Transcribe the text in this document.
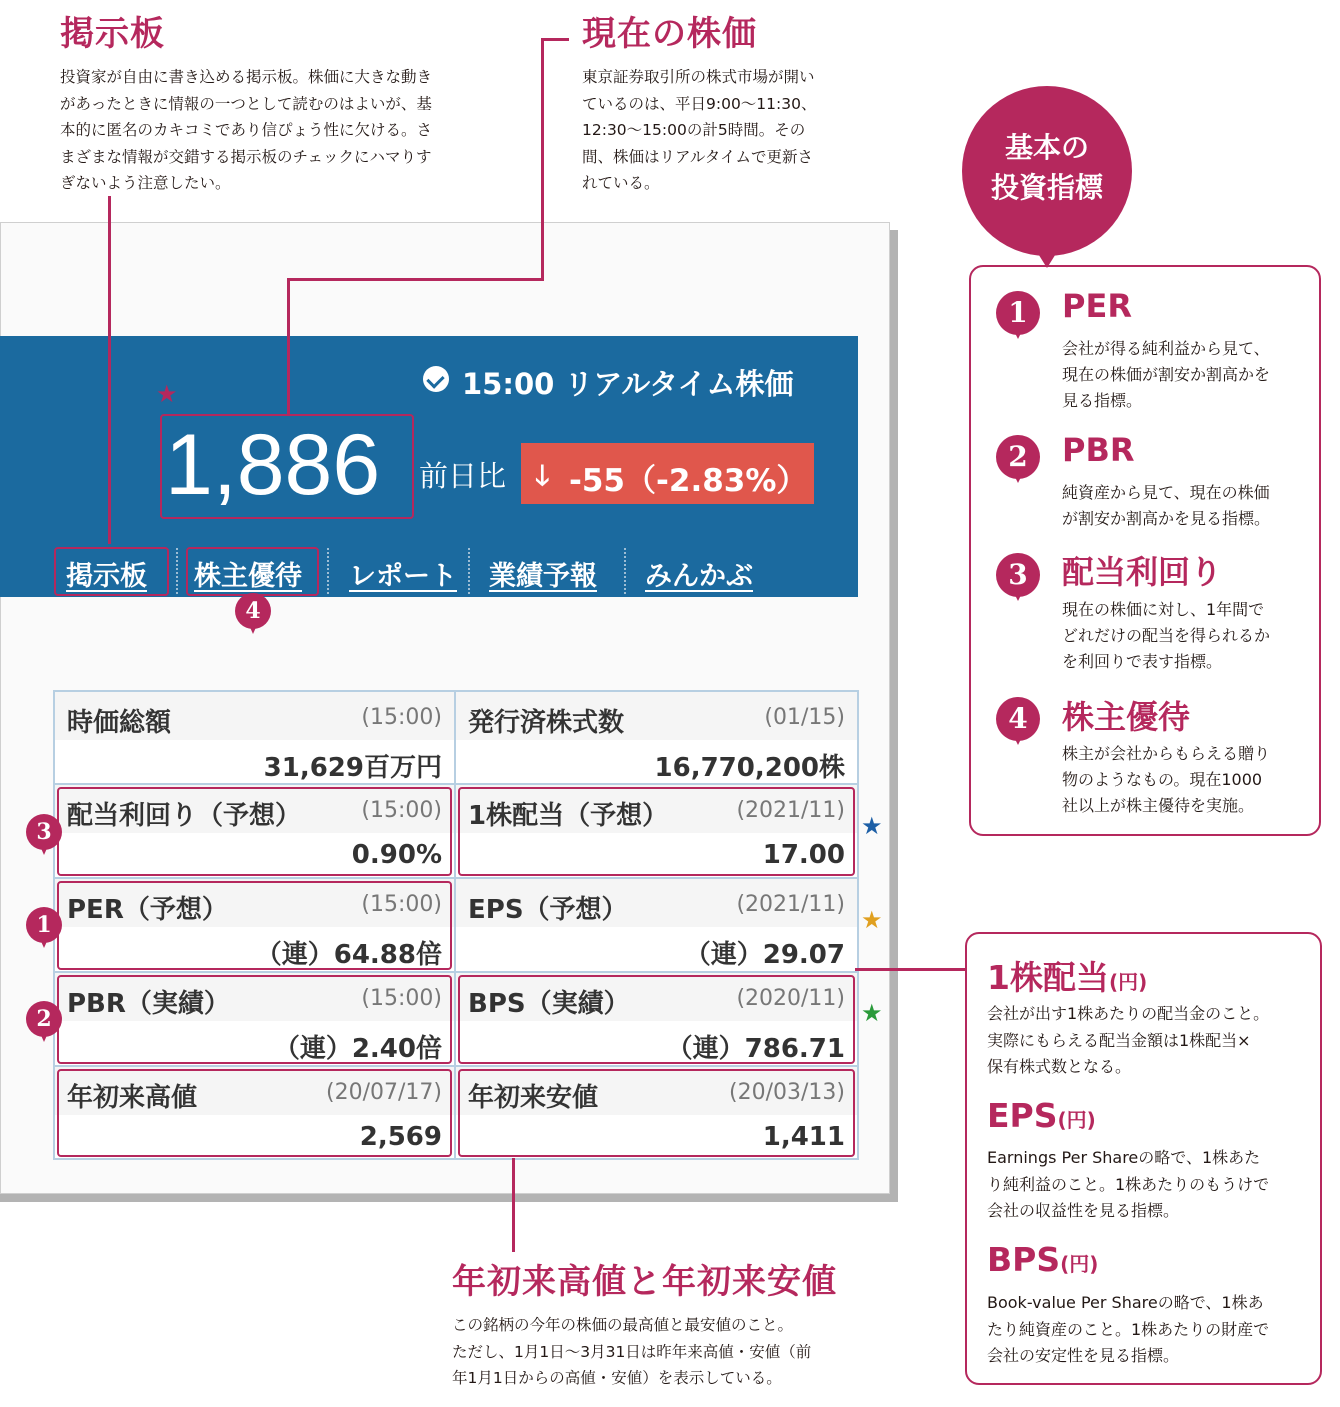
掲示板
投資家が自由に書き込める掲示板。株価に大きな動き
があったときに情報の一つとして読むのはよいが、基
本的に匿名のカキコミであり信ぴょう性に欠ける。さ
まざまな情報が交錯する掲示板のチェックにハマりす
ぎないよう注意したい。
現在の株価
東京証券取引所の株式市場が開い
ているのは、平日9:00〜11:30、
12:30〜15:00の計5時間。その
間、株価はリアルタイムで更新さ
れている。
15:00 リアルタイム株価
★
1,886 前日比 🡓 -55（-2.83%）
掲示板 株主優待 レポート 業績予報 みんかぶ
4
時価総額	(15:00)
31,629百万円
発行済株式数	(01/15)
16,770,200株
配当利回り（予想）	(15:00)
0.90%
1株配当（予想）	(2021/11)
17.00
PER（予想）	(15:00)
（連）64.88倍
EPS（予想）	(2021/11)
（連）29.07
PBR（実績）	(15:00)
（連）2.40倍
BPS（実績）	(2020/11)
（連）786.71
年初来高値	(20/07/17)
2,569
年初来安値	(20/03/13)
1,411
3
1
2
★
★
★
年初来高値と年初来安値
この銘柄の今年の株価の最高値と最安値のこと。
ただし、1月1日〜3月31日は昨年来高値・安値（前
年1月1日からの高値・安値）を表示している。
基本の
投資指標
1	PER
会社が得る純利益から見て、
現在の株価が割安か割高かを
見る指標。
2	PBR
純資産から見て、現在の株価
が割安か割高かを見る指標。
3	配当利回り
現在の株価に対し、1年間で
どれだけの配当を得られるか
を利回りで表す指標。
4	株主優待
株主が会社からもらえる贈り
物のようなもの。現在1000
社以上が株主優待を実施。
1株配当(円)
会社が出す1株あたりの配当金のこと。
実際にもらえる配当金額は1株配当×
保有株式数となる。
EPS(円)
Earnings Per Shareの略で、1株あた
り純利益のこと。1株あたりのもうけで
会社の収益性を見る指標。
BPS(円)
Book-value Per Shareの略で、1株あ
たり純資産のこと。1株あたりの財産で
会社の安定性を見る指標。
